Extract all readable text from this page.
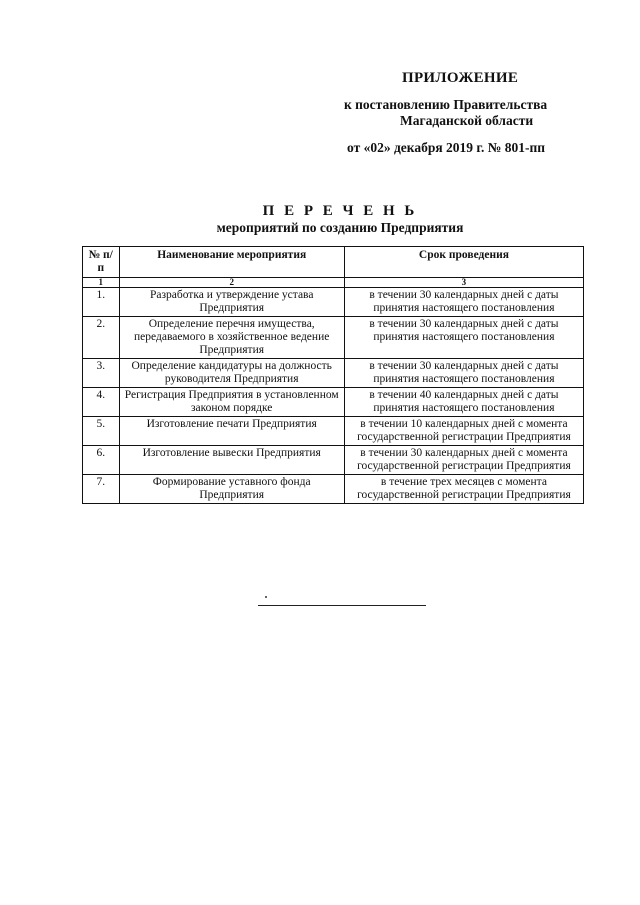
ПРИЛОЖЕНИЕ
к постановлению Правительства
Магаданской области
от «02» декабря 2019 г. № 801-пп
П Е Р Е Ч Е Н Ь
мероприятий по созданию Предприятия
№ п/п	Наименование мероприятия	Срок проведения
1	2	3
1.	Разработка и утверждение устава Предприятия	в течении 30 календарных дней с даты принятия настоящего постановления
2.	Определение перечня имущества, передаваемого в хозяйственное ведение Предприятия	в течении 30 календарных дней с даты принятия настоящего постановления
3.	Определение кандидатуры на должность руководителя Предприятия	в течении 30 календарных дней с даты принятия настоящего постановления
4.	Регистрация Предприятия в установленном законом порядке	в течении 40 календарных дней с даты принятия настоящего постановления
5.	Изготовление печати Предприятия	в течении 10 календарных дней с момента государственной регистрации Предприятия
6.	Изготовление вывески Предприятия	в течении 30 календарных дней с момента государственной регистрации Предприятия
7.	Формирование уставного фонда Предприятия	в течение трех месяцев с момента государственной регистрации Предприятия
